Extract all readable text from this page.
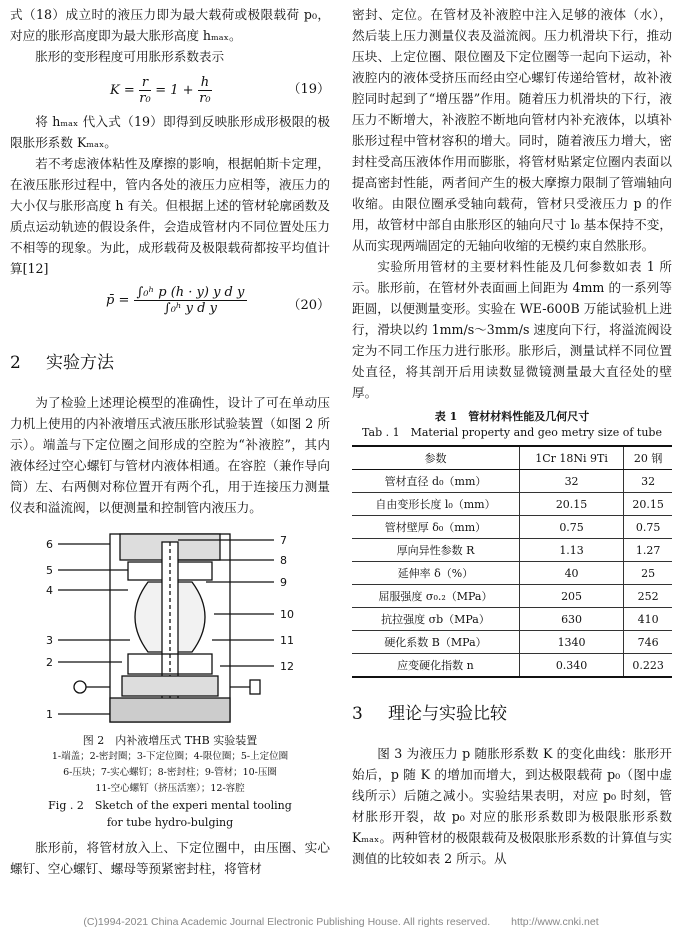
式（18）成立时的液压力即为最大载荷或极限载荷 p₀，对应的胀形高度即为最大胀形高度 hₘₐₓ。

胀形的变形程度可用胀形系数表示

$K = \frac{r}{\text{r₀}} = 1 + \frac{h}{\text{r₀}}$	（19）

将 hₘₐₓ 代入式（19）即得到反映胀形成形极限的极限胀形系数 Kₘₐₓ。

若不考虑液体粘性及摩擦的影响，根据帕斯卡定理，在液压胀形过程中，管内各处的液压力应相等，液压力的大小仅与胀形高度 h 有关。但根据上述的管材轮廓函数及质点运动轨迹的假设条件，会造成管材内不同位置处压力不相等的现象。为此，成形载荷及极限载荷都按平均值计算[12]

p̄ = $\frac{\text{∫₀ʰ p (h · y) y d y}}{\text{∫₀ʰ y d y}}$	（20）
2 实验方法

为了检验上述理论模型的准确性，设计了可在单动压力机上使用的内补液增压式液压胀形试验装置（如图 2 所示）。端盖与下定位圈之间形成的空腔为“补液腔”，其内液体经过空心螺钉与管材内液体相通。在容腔（兼作导向筒）左、右两侧对称位置开有两个孔，用于连接压力测量仪表和溢流阀，以便测量和控制管内液压力。

6
5
4
3
2
1
7
8
9
10
11
12
图 2　内补液增压式 THB 实验装置
1-端盖；2-密封圈；3-下定位圈；4-限位圈；5-上定位圈
6-压块；7-实心螺钉；8-密封柱；9-管材；10-压圈
11-空心螺钉（挤压活塞）；12-容腔
Fig . 2　Sketch of the experi mental tooling
for tube hydro-bulging

胀形前，将管材放入上、下定位圈中，由压圈、实心螺钉、空心螺钉、螺母等预紧密封柱，将管材

密封、定位。在管材及补液腔中注入足够的液体（水），然后装上压力测量仪表及溢流阀。压力机滑块下行，推动压块、上定位圈、限位圈及下定位圈等一起向下运动，补液腔内的液体受挤压而经由空心螺钉传递给管材，故补液腔同时起到了“增压器”作用。随着压力机滑块的下行，液压力不断增大，补液腔不断地向管材内补充液体，以填补胀形过程中管材容积的增大。同时，随着液压力增大，密封柱受高压液体作用而膨胀，将管材贴紧定位圈内表面以提高密封性能，两者间产生的极大摩擦力限制了管端轴向收缩。由限位圈承受轴向载荷，管材只受液压力 p 的作用，故管材中部自由胀形区的轴向尺寸 l₀ 基本保持不变，从而实现两端固定的无轴向收缩的无模约束自然胀形。

实验所用管材的主要材料性能及几何参数如表 1 所示。胀形前，在管材外表面画上间距为 4mm 的一系列等距圆，以便测量变形。实验在 WE-600B 万能试验机上进行，滑块以约 1mm/s～3mm/s 速度向下行，将溢流阀设定为不同工作压力进行胀形。胀形后，测量试样不同位置处直径，将其剖开后用读数显微镜测量最大直径处的壁厚。

表 1　管材材料性能及几何尺寸
Tab . 1　Material property and geo metry size of tube
参数	1Cr 18Ni 9Ti	20 钢
管材直径 d₀（mm）	32	32
自由变形长度 l₀（mm）	20.15	20.15
管材壁厚 δ₀（mm）	0.75	0.75
厚向异性参数 R	1.13	1.27
延伸率 δ（%）	40	25
屈服强度 σ₀.₂（MPa）	205	252
抗拉强度 σb（MPa）	630	410
硬化系数 B（MPa）	1340	746
应变硬化指数 n	0.340	0.223
3 理论与实验比较

图 3 为液压力 p 随胀形系数 K 的变化曲线：胀形开始后，p 随 K 的增加而增大，到达极限载荷 p₀（图中虚线所示）后随之减小。实验结果表明，对应 p₀ 时刻，管材胀形开裂，故 p₀ 对应的胀形系数即为极限胀形系数 Kₘₐₓ。两种管材的极限载荷及极限胀形系数的计算值与实测值的比较如表 2 所示。从

(C)1994-2021 China Academic Journal Electronic Publishing House. All rights reserved.　　http://www.cnki.net
